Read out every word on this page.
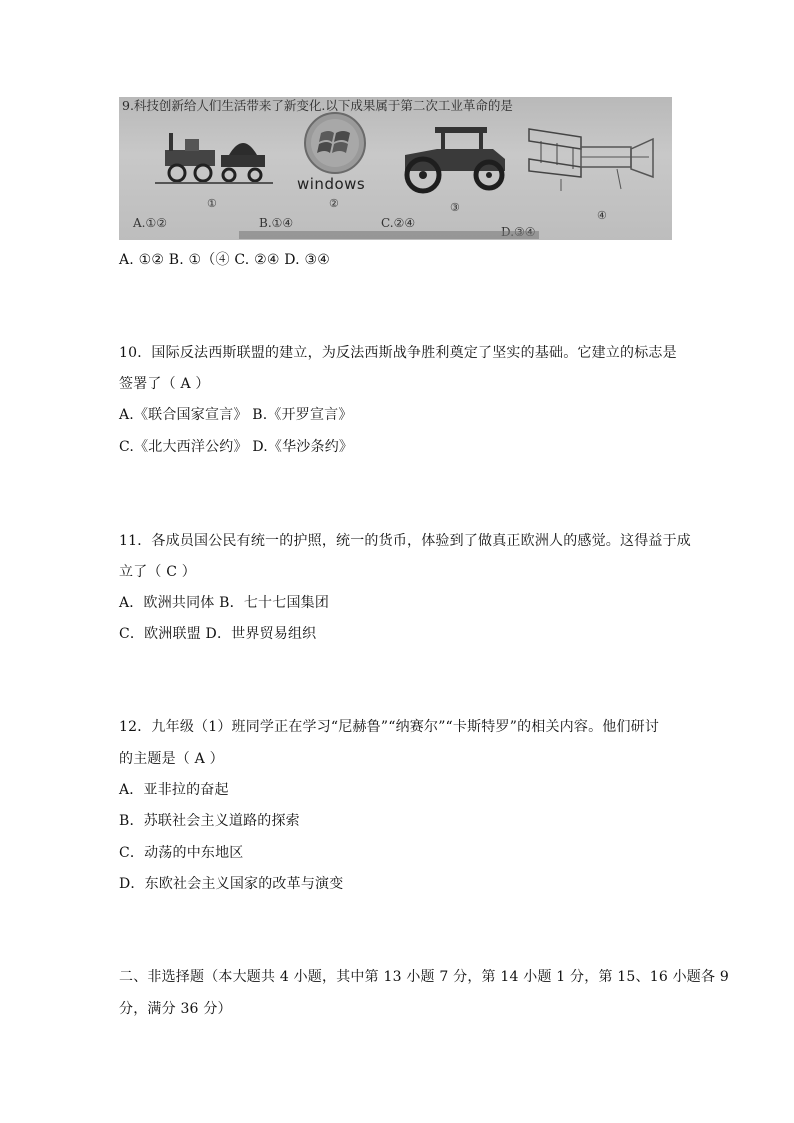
9.科技创新给人们生活带来了新变化.以下成果属于第二次工业革命的是
①
windows
②	③
④
A.①②	B.①④	C.②④
A. ①② B. ①（④ C. ②④ D. ③④
10．国际反法西斯联盟的建立，为反法西斯战争胜利奠定了坚实的基础。它建立的标志是
签署了（ A ）
A.《联合国家宣言》 B.《开罗宣言》
C.《北大西洋公约》 D.《华沙条约》
11．各成员国公民有统一的护照，统一的货币，体验到了做真正欧洲人的感觉。这得益于成
立了（ C ）
A．欧洲共同体 B．七十七国集团
C．欧洲联盟 D．世界贸易组织
12．九年级（1）班同学正在学习“尼赫鲁”“纳赛尔”“卡斯特罗”的相关内容。他们研讨
的主题是（ A ）
A．亚非拉的奋起
B．苏联社会主义道路的探索
C．动荡的中东地区
D．东欧社会主义国家的改革与演变
二、非选择题（本大题共 4 小题，其中第 13 小题 7 分，第 14 小题 1 分，第 15、16 小题各 9
分，满分 36 分）
